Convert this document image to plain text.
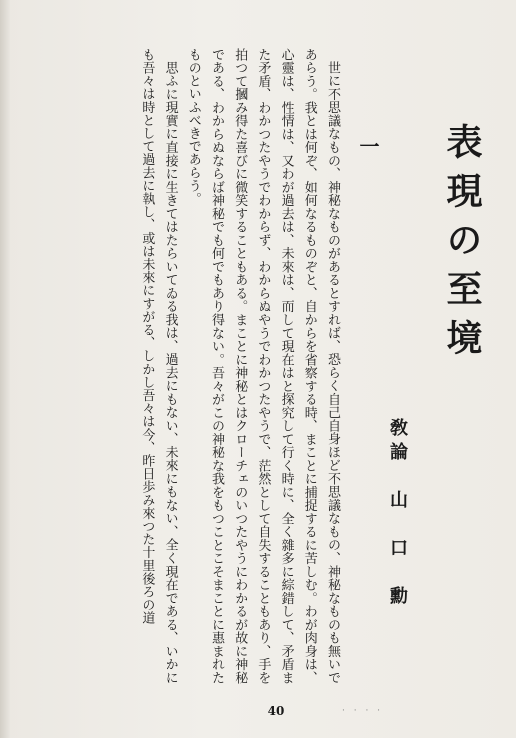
表現の至境
敎論　山　口　勳
一

世に不思議なもの、神秘なものがあるとすれば、恐らく自己自身ほど不思議なもの、神秘なものも無いであらう。我とは何ぞ、如何なるものぞと、自からを省察する時、まことに捕捉するに苦しむ。わが肉身は、心靈は、性情は、又わが過去は、未來は、而して現在はと探究して行く時に、全く雜多に綜錯して、矛盾また矛盾、わかつたやうでわからず、わからぬやうでわかつたやうで、茫然として自失することもあり、手を拍つて摑み得た喜びに微笑することもある。まことに神秘とはクローチェのいつたやうにわかるが故に神秘である、わからぬならば神秘でも何でもあり得ない。吾々がこの神秘な我をもつことこそまことに惠まれたものといふべきであらう。

思ふに現實に直接に生きてはたらいてゐる我は、過去にもない、未來にもない、全く現在である、いかにも吾々は時として過去に執し、或は未來にすがる、しかし吾々は今、昨日歩み來つた十里後ろの道

40	· · · ·
